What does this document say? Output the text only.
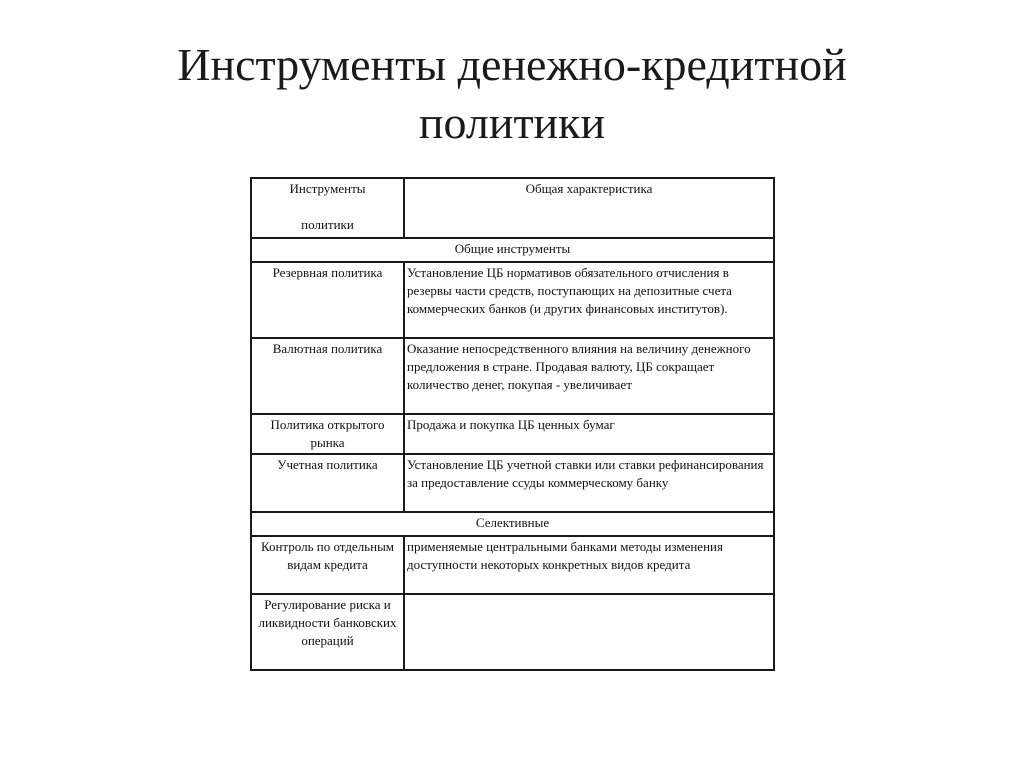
Инструменты денежно-кредитной
политики
Инструменты
политики	Общая характеристика
Общие инструменты	
Резервная политика	Установление ЦБ нормативов обязательного отчисления в резервы части средств, поступающих на депозитные счета коммерческих банков (и других финансовых институтов).
Валютная политика	Оказание непосредственного влияния на величину денежного предложения в стране. Продавая валюту, ЦБ сокращает количество денег, покупая - увеличивает
Политика открытого рынка	Продажа и покупка ЦБ ценных бумаг
Учетная политика	Установление ЦБ учетной ставки или ставки рефинансирования за предоставление ссуды коммерческому банку
Селективные	
Контроль по отдельным видам кредита	применяемые центральными банками методы изменения доступности некоторых конкретных видов кредита
Регулирование риска и ликвидности банковских операций	
